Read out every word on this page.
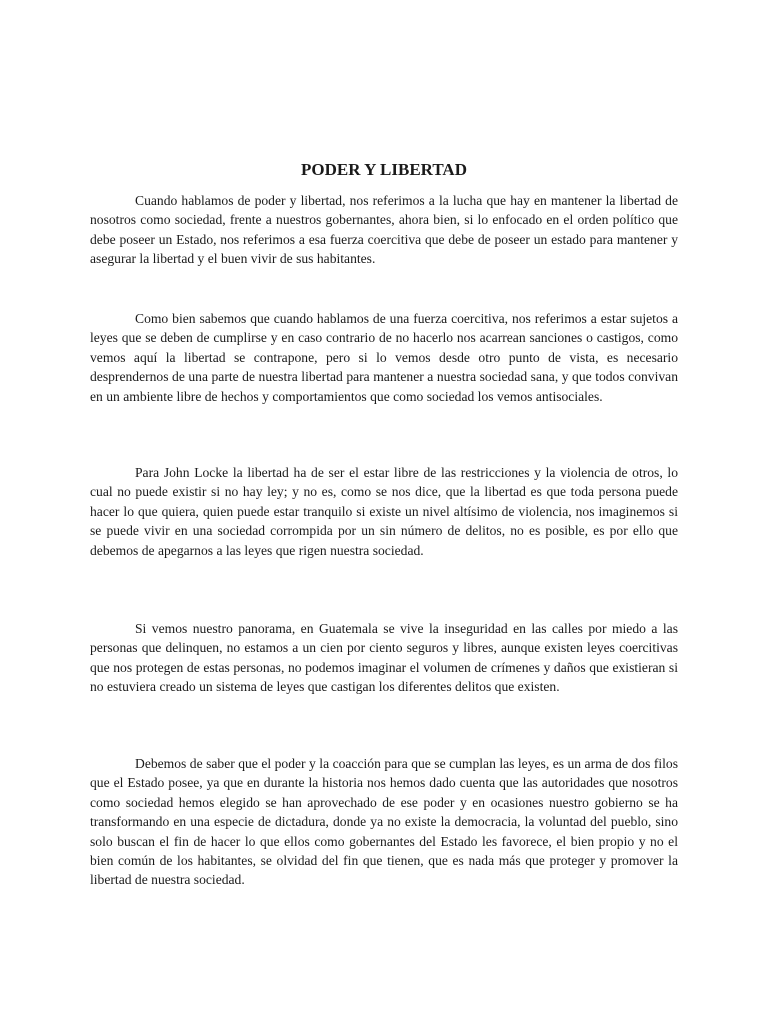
PODER Y LIBERTAD

Cuando hablamos de poder y libertad, nos referimos a la lucha que hay en mantener la libertad de nosotros como sociedad, frente a nuestros gobernantes, ahora bien, si lo enfocado en el orden político que debe poseer un Estado, nos referimos a esa fuerza coercitiva que debe de poseer un estado para mantener y asegurar la libertad y el buen vivir de sus habitantes.

Como bien sabemos que cuando hablamos de una fuerza coercitiva, nos referimos a estar sujetos a leyes que se deben de cumplirse y en caso contrario de no hacerlo nos acarrean sanciones o castigos, como vemos aquí la libertad se contrapone, pero si lo vemos desde otro punto de vista, es necesario desprendernos de una parte de nuestra libertad para mantener a nuestra sociedad sana, y que todos convivan en un ambiente libre de hechos y comportamientos que como sociedad los vemos antisociales.

Para John Locke la libertad ha de ser el estar libre de las restricciones y la violencia de otros, lo cual no puede existir si no hay ley; y no es, como se nos dice, que la libertad es que toda persona puede hacer lo que quiera, quien puede estar tranquilo si existe un nivel altísimo de violencia, nos imaginemos si se puede vivir en una sociedad corrompida por un sin número de delitos, no es posible, es por ello que debemos de apegarnos a las leyes que rigen nuestra sociedad.

Si vemos nuestro panorama, en Guatemala se vive la inseguridad en las calles por miedo a las personas que delinquen, no estamos a un cien por ciento seguros y libres, aunque existen leyes coercitivas que nos protegen de estas personas, no podemos imaginar el volumen de crímenes y daños que existieran si no estuviera creado un sistema de leyes que castigan los diferentes delitos que existen.

Debemos de saber que el poder y la coacción para que se cumplan las leyes, es un arma de dos filos que el Estado posee, ya que en durante la historia nos hemos dado cuenta que las autoridades que nosotros como sociedad hemos elegido se han aprovechado de ese poder y en ocasiones nuestro gobierno se ha transformando en una especie de dictadura, donde ya no existe la democracia, la voluntad del pueblo, sino solo buscan el fin de hacer lo que ellos como gobernantes del Estado les favorece, el bien propio y no el bien común de los habitantes, se olvidad del fin que tienen, que es nada más que proteger y promover la libertad de nuestra sociedad.
